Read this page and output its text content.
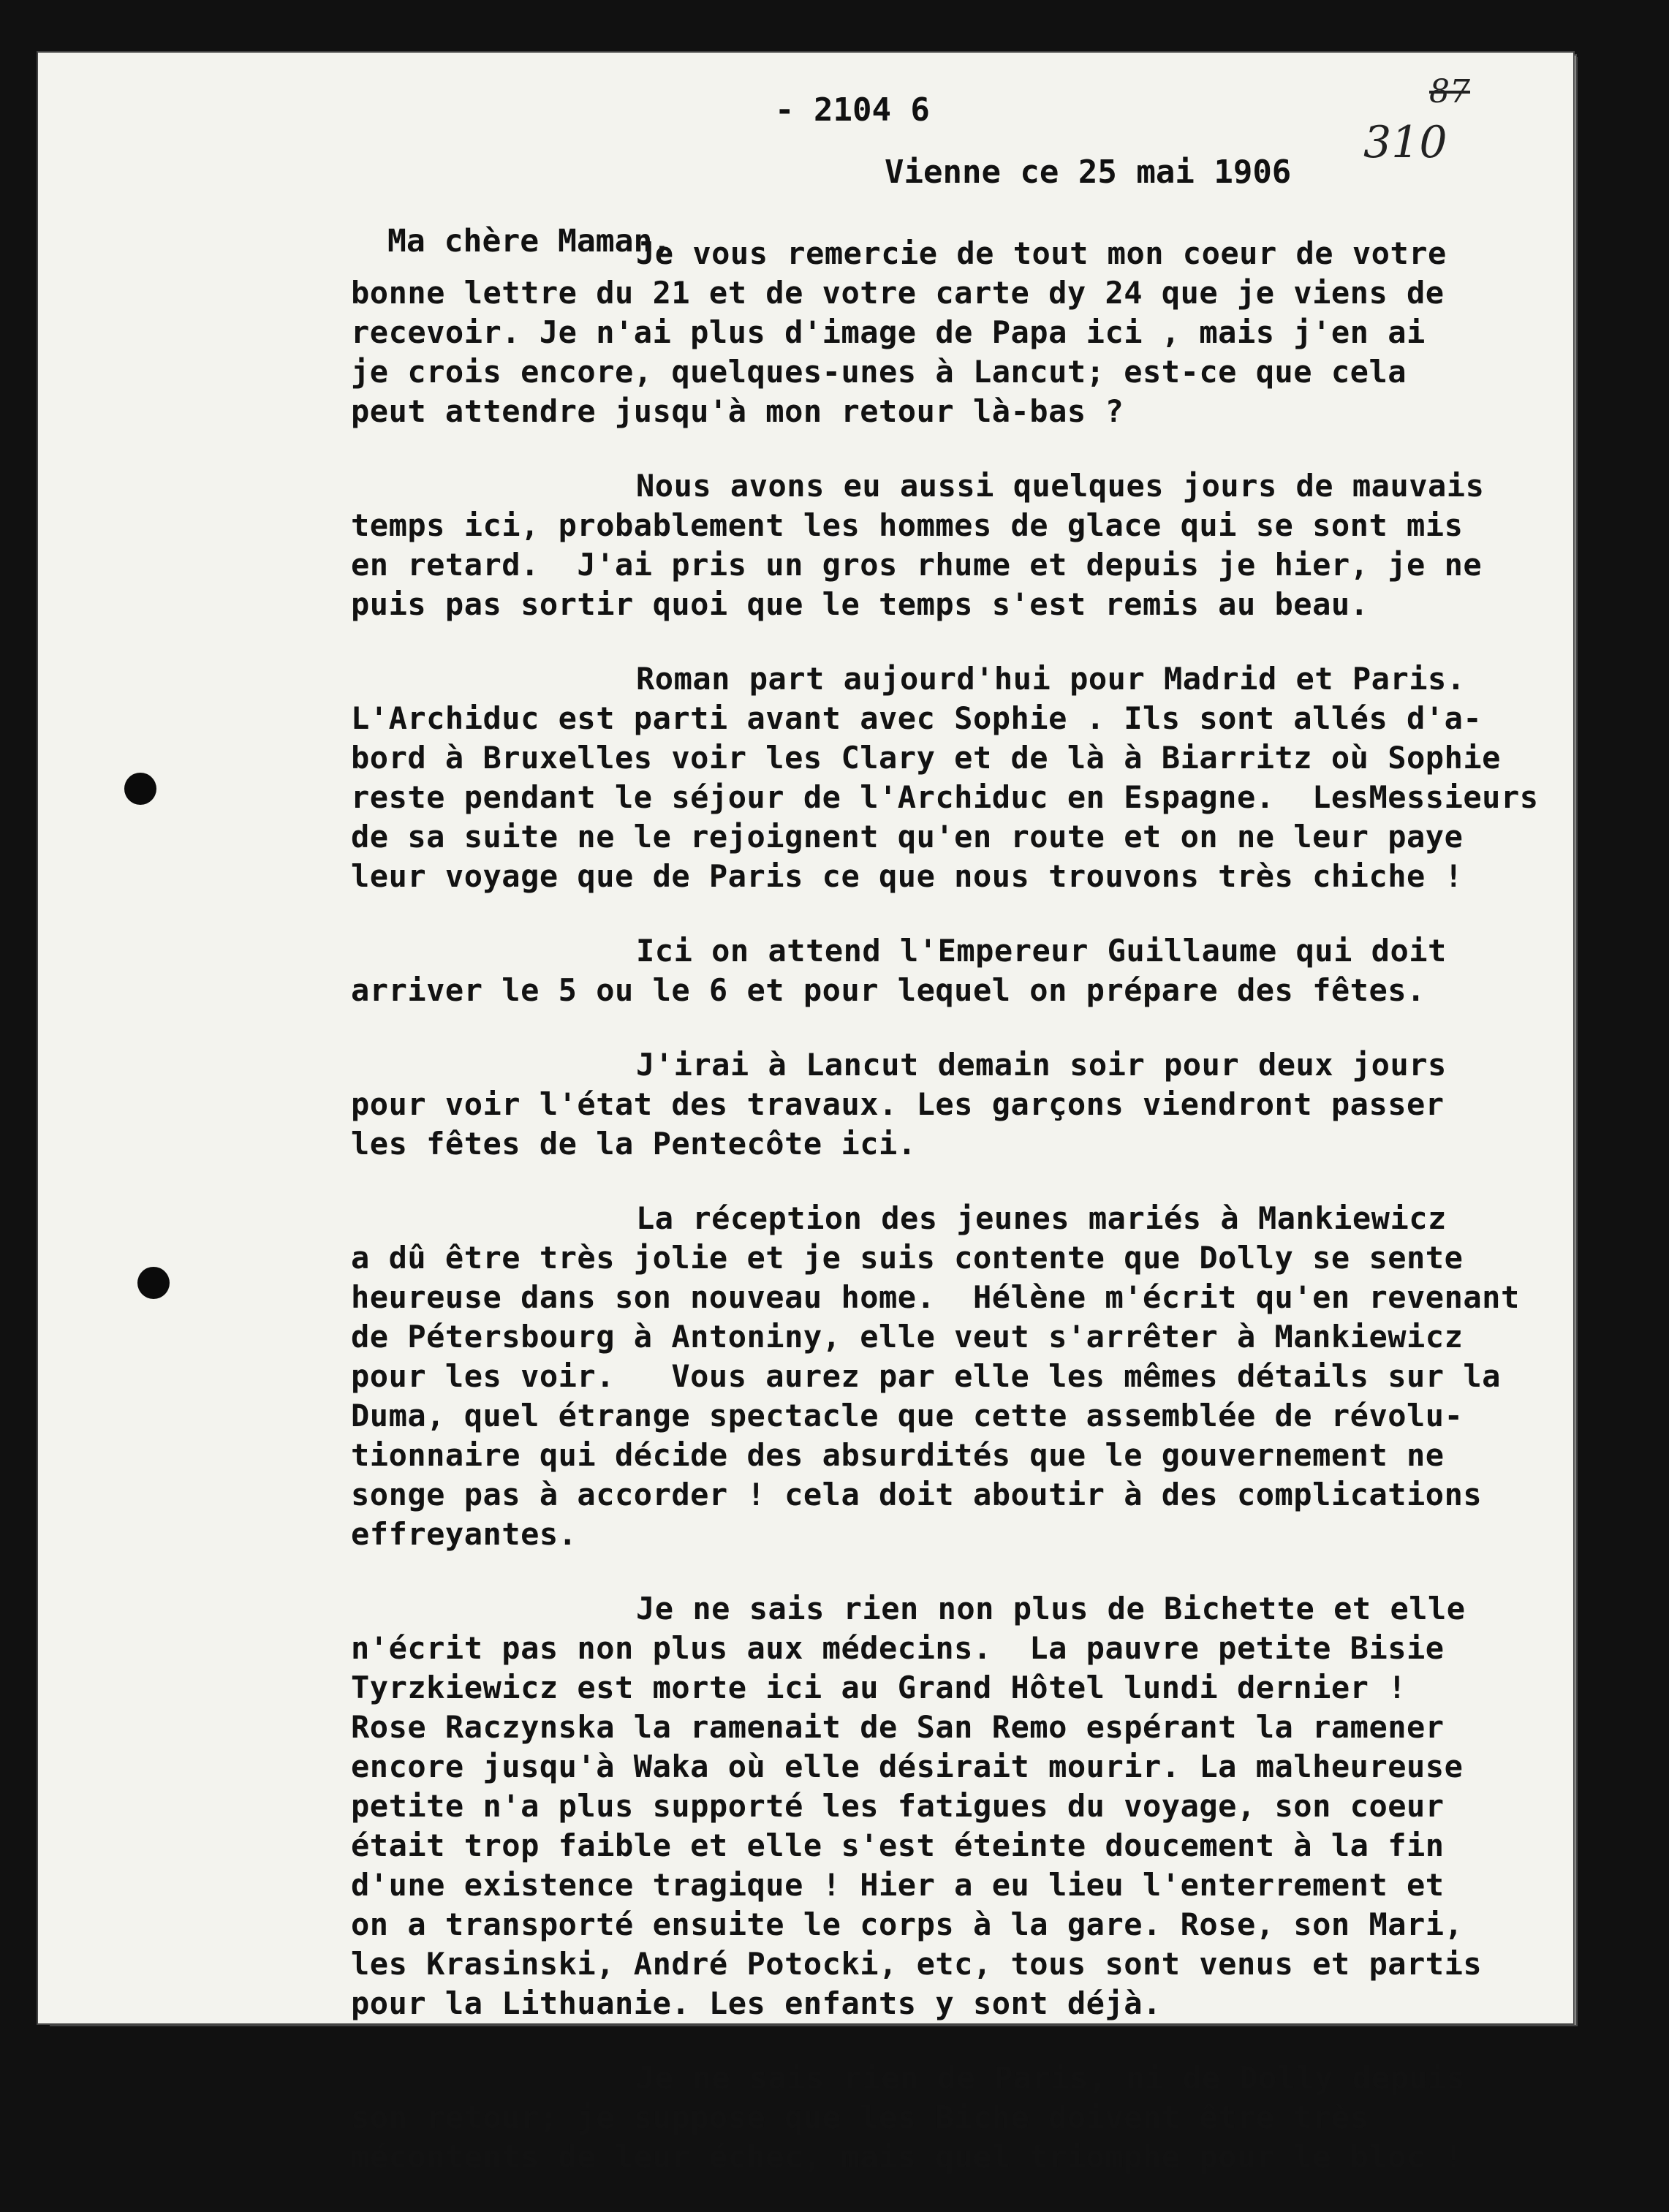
- 2104 6	87
310
Vienne ce 25 mai 1906
Ma chère Maman,
Je vous remercie de tout mon coeur de votre
bonne lettre du 21 et de votre carte dy 24 que je viens de
recevoir. Je n'ai plus d'image de Papa ici , mais j'en ai
je crois encore, quelques-unes à Lancut; est-ce que cela
peut attendre jusqu'à mon retour là-bas ?
Nous avons eu aussi quelques jours de mauvais
temps ici, probablement les hommes de glace qui se sont mis
en retard.  J'ai pris un gros rhume et depuis je hier, je ne
puis pas sortir quoi que le temps s'est remis au beau.
Roman part aujourd'hui pour Madrid et Paris.
L'Archiduc est parti avant avec Sophie . Ils sont allés d'a-
bord à Bruxelles voir les Clary et de là à Biarritz où Sophie
reste pendant le séjour de l'Archiduc en Espagne.  LesMessieurs
de sa suite ne le rejoignent qu'en route et on ne leur paye
leur voyage que de Paris ce que nous trouvons très chiche !
Ici on attend l'Empereur Guillaume qui doit
arriver le 5 ou le 6 et pour lequel on prépare des fêtes.
J'irai à Lancut demain soir pour deux jours
pour voir l'état des travaux. Les garçons viendront passer
les fêtes de la Pentecôte ici.
La réception des jeunes mariés à Mankiewicz
a dû être très jolie et je suis contente que Dolly se sente
heureuse dans son nouveau home.  Hélène m'écrit qu'en revenant
de Pétersbourg à Antoniny, elle veut s'arrêter à Mankiewicz
pour les voir.   Vous aurez par elle les mêmes détails sur la
Duma, quel étrange spectacle que cette assemblée de révolu-
tionnaire qui décide des absurdités que le gouvernement ne
songe pas à accorder ! cela doit aboutir à des complications
effreyantes.
Je ne sais rien non plus de Bichette et elle
n'écrit pas non plus aux médecins.  La pauvre petite Bisie
Tyrzkiewicz est morte ici au Grand Hôtel lundi dernier !
Rose Raczynska la ramenait de San Remo espérant la ramener
encore jusqu'à Waka où elle désirait mourir. La malheureuse
petite n'a plus supporté les fatigues du voyage, son coeur
était trop faible et elle s'est éteinte doucement à la fin
d'une existence tragique ! Hier a eu lieu l'enterrement et
on a transporté ensuite le corps à la gare. Rose, son Mari,
les Krasinski, André Potocki, etc, tous sont venus et partis
pour la Lithuanie. Les enfants y sont déjà.
Je ne sais rien de Paris, ni de Dolly depuis
son retour; je suppose que les Biche doivent être très
mécontents de leur échec, mais quel triomphe pour le bloc !
